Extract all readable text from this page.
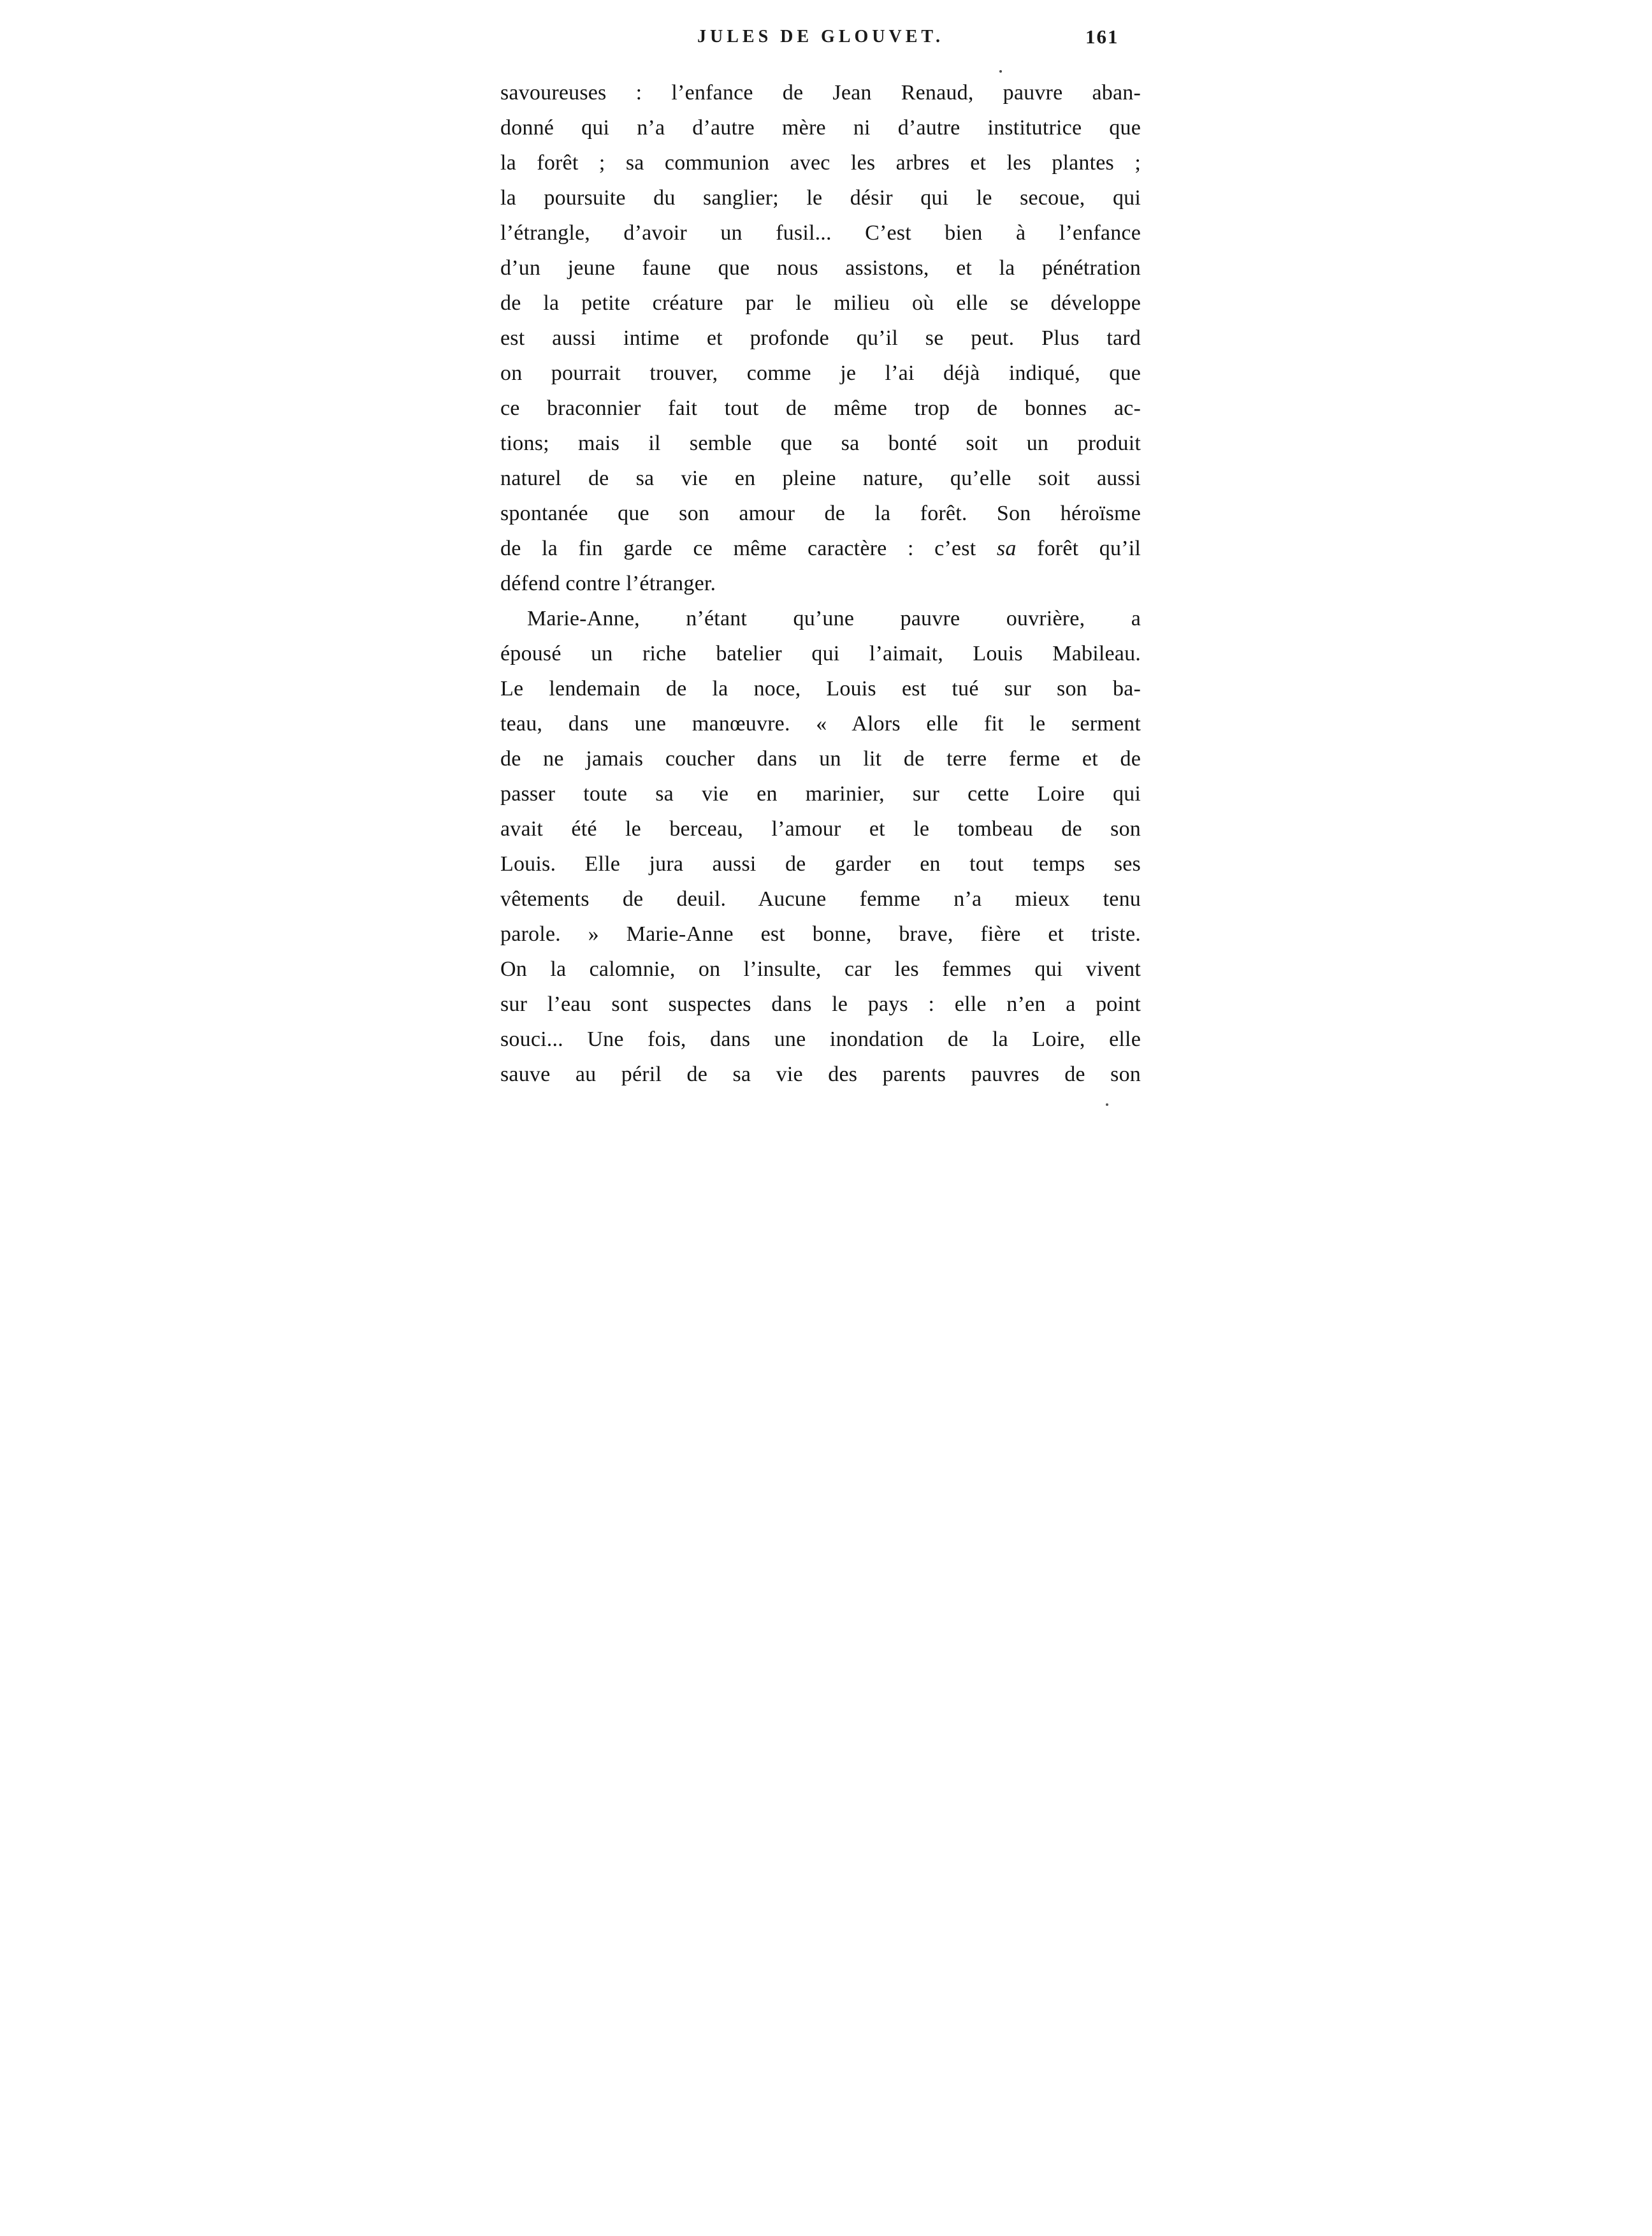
JULES DE GLOUVET.	161
savoureuses : l’enfance de Jean Renaud, pauvre aban-
donné qui n’a d’autre mère ni d’autre institutrice que
la forêt ; sa communion avec les arbres et les plantes ;
la poursuite du sanglier; le désir qui le secoue, qui
l’étrangle, d’avoir un fusil... C’est bien à l’enfance
d’un jeune faune que nous assistons, et la pénétration
de la petite créature par le milieu où elle se développe
est aussi intime et profonde qu’il se peut. Plus tard
on pourrait trouver, comme je l’ai déjà indiqué, que
ce braconnier fait tout de même trop de bonnes ac-
tions; mais il semble que sa bonté soit un produit
naturel de sa vie en pleine nature, qu’elle soit aussi
spontanée que son amour de la forêt. Son héroïsme
de la fin garde ce même caractère : c’est sa forêt qu’il
défend contre l’étranger.
Marie-Anne, n’étant qu’une pauvre ouvrière, a
épousé un riche batelier qui l’aimait, Louis Mabileau.
Le lendemain de la noce, Louis est tué sur son ba-
teau, dans une manœuvre. « Alors elle fit le serment
de ne jamais coucher dans un lit de terre ferme et de
passer toute sa vie en marinier, sur cette Loire qui
avait été le berceau, l’amour et le tombeau de son
Louis. Elle jura aussi de garder en tout temps ses
vêtements de deuil. Aucune femme n’a mieux tenu
parole. » Marie-Anne est bonne, brave, fière et triste.
On la calomnie, on l’insulte, car les femmes qui vivent
sur l’eau sont suspectes dans le pays : elle n’en a point
souci... Une fois, dans une inondation de la Loire, elle
sauve au péril de sa vie des parents pauvres de son
